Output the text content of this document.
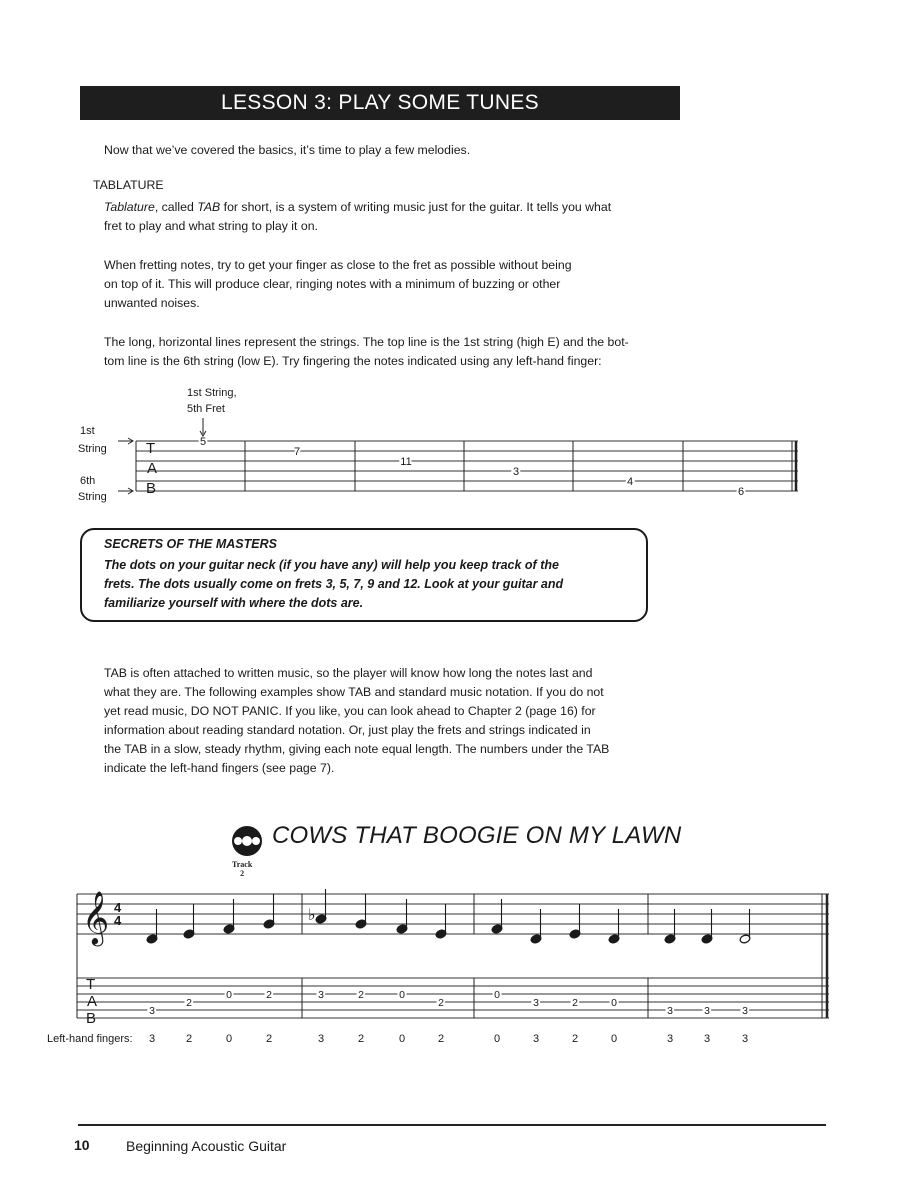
LESSON 3: PLAY SOME TUNES
Now that we’ve covered the basics, it’s time to play a few melodies.
TABLATURE
Tablature, called TAB for short, is a system of writing music just for the guitar. It tells you what
fret to play and what string to play it on.
When fretting notes, try to get your finger as close to the fret as possible without being
on top of it. This will produce clear, ringing notes with a minimum of buzzing or other
unwanted noises.
The long, horizontal lines represent the strings. The top line is the 1st string (high E) and the bot-
tom line is the 6th string (low E). Try fingering the notes indicated using any left-hand finger:
SECRETS OF THE MASTERS
The dots on your guitar neck (if you have any) will help you keep track of the
frets. The dots usually come on frets 3, 5, 7, 9 and 12. Look at your guitar and
familiarize yourself with where the dots are.
TAB is often attached to written music, so the player will know how long the notes last and
what they are. The following examples show TAB and standard music notation. If you do not
yet read music, DO NOT PANIC. If you like, you can look ahead to Chapter 2 (page 16) for
information about reading standard notation. Or, just play the frets and strings indicated in
the TAB in a slow, steady rhythm, giving each note equal length. The numbers under the TAB
indicate the left-hand fingers (see page 7).
COWS THAT BOOGIE ON MY LAWN
Track
2
10	Beginning Acoustic Guitar
T
A
B
5
7
11
3
4
6
1st String,
5th Fret
1st
String
6th
String
𝄞 4
4	♭
T
A
B	3
2
0	2	3	2	0
2
0
3	2	0
3	3	3
Left-hand fingers: 3	2	0	2	3	2	0	2	0	3	2	0	3	3	3
